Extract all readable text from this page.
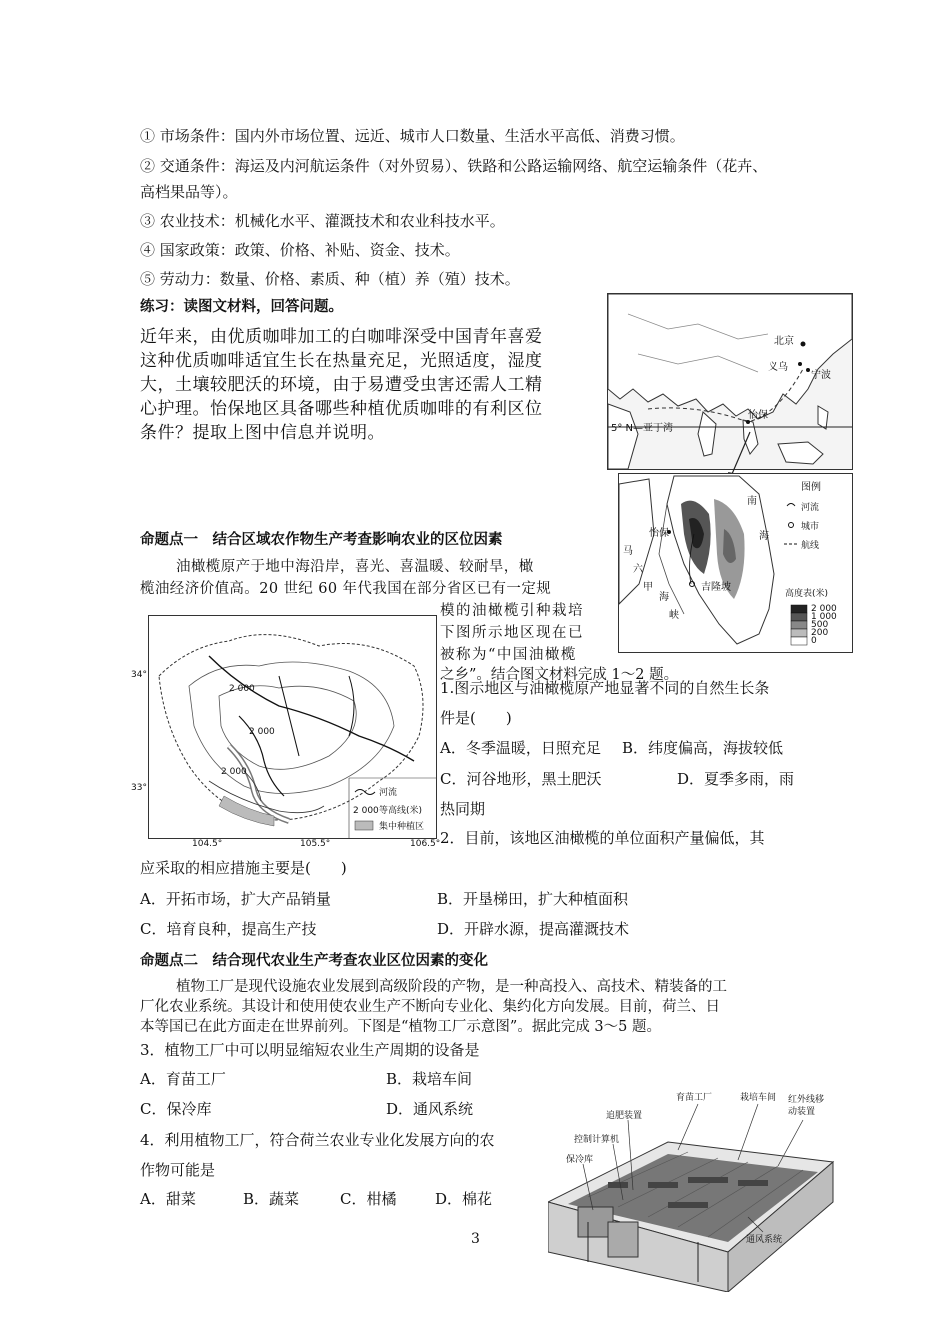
① 市场条件：国内外市场位置、远近、城市人口数量、生活水平高低、消费习惯。
② 交通条件：海运及内河航运条件（对外贸易）、铁路和公路运输网络、航空运输条件（花卉、
高档果品等）。
③ 农业技术：机械化水平、灌溉技术和农业科技水平。
④ 国家政策：政策、价格、补贴、资金、技术。
⑤ 劳动力：数量、价格、素质、种（植）养（殖）技术。
练习：读图文材料，回答问题。
近年来，由优质咖啡加工的白咖啡深受中国青年喜爱
这种优质咖啡适宜生长在热量充足，光照适度，湿度
大，土壤较肥沃的环境，由于易遭受虫害还需人工精
心护理。怡保地区具备哪些种植优质咖啡的有利区位
条件？提取上图中信息并说明。
北京
义乌
宁波
怡保
5° N—亚丁湾
南
海
马
六
甲
海
峡
怡保
吉隆坡
图例
河流
城市
航线
高度表(米)
2 000
1 000
500
200
0
命题点一　结合区域农作物生产考查影响农业的区位因素
油橄榄原产于地中海沿岸，喜光、喜温暖、较耐旱，橄
榄油经济价值高。20 世纪 60 年代我国在部分省区已有一定规
模的油橄榄引种栽培
下图所示地区现在已
被称为“中国油橄榄
之乡”。结合图文材料完成 1～2 题。
2 000
2 000
2 000
河流
2 000 等高线(米)
集中种植区
34°
33°
104.5°	105.5°	106.5°
1.图示地区与油橄榄原产地显著不同的自然生长条
件是(　　)
A．冬季温暖，日照充足 B．纬度偏高，海拔较低
C．河谷地形，黑土肥沃	D．夏季多雨，雨
热同期
2．目前，该地区油橄榄的单位面积产量偏低，其
应采取的相应措施主要是(　　)
A．开拓市场，扩大产品销量	B．开垦梯田，扩大种植面积
C．培育良种，提高生产技	D．开辟水源，提高灌溉技术
命题点二　结合现代农业生产考查农业区位因素的变化
植物工厂是现代设施农业发展到高级阶段的产物，是一种高投入、高技术、精装备的工
厂化农业系统。其设计和使用使农业生产不断向专业化、集约化方向发展。目前，荷兰、日
本等国已在此方面走在世界前列。下图是“植物工厂示意图”。据此完成 3～5 题。
3．植物工厂中可以明显缩短农业生产周期的设备是
A．育苗工厂	B．栽培车间
C．保冷库	D．通风系统
4．利用植物工厂，符合荷兰农业专业化发展方向的农
作物可能是
A．甜菜	B．蔬菜	C．柑橘	D．棉花
育苗工厂	栽培车间 红外线移
动装置
追肥装置
控制计算机
保冷库
通风系统
3
